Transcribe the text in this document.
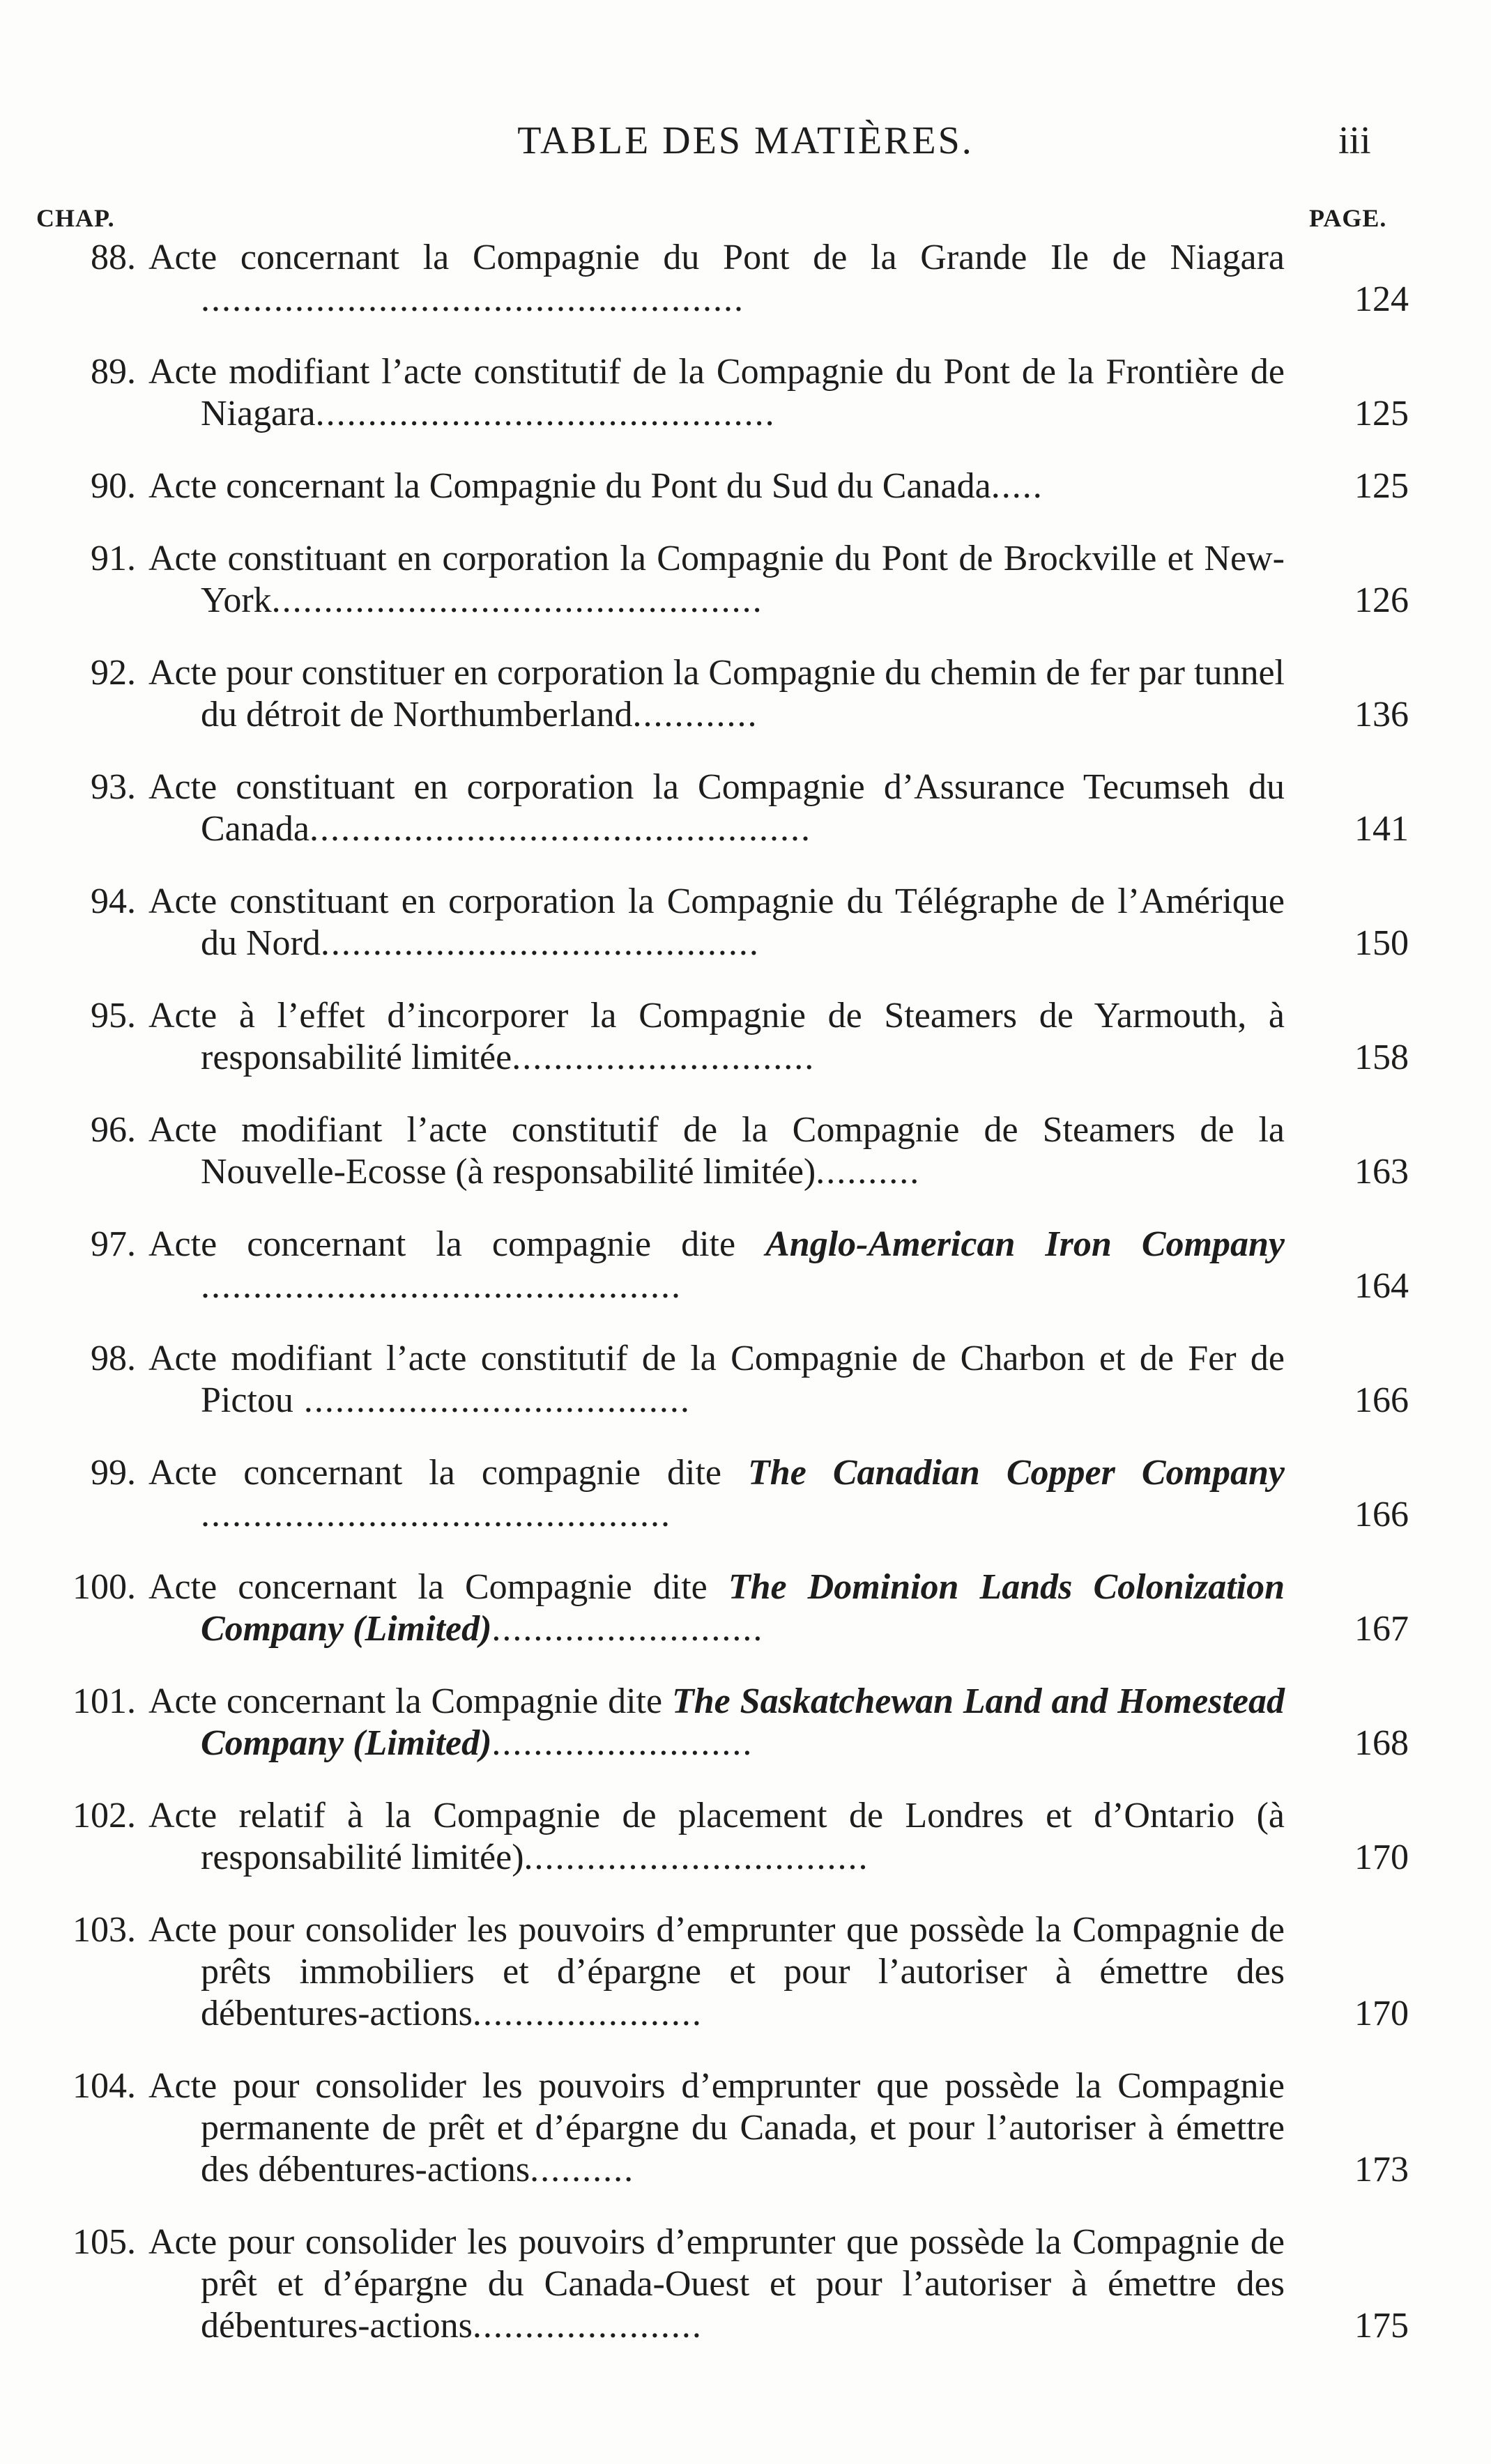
TABLE DES MATIÈRES.	iii
CHAP.	PAGE.
88. Acte concernant la Compagnie du Pont de la Grande Ile de Niagara ....................................................	124
89. Acte modifiant l’acte constitutif de la Compagnie du Pont de la Frontière de Niagara............................................	125
90. Acte concernant la Compagnie du Pont du Sud du Canada.....	125
91. Acte constituant en corporation la Compagnie du Pont de Brockville et New-York...............................................	126
92. Acte pour constituer en corporation la Compagnie du chemin de fer par tunnel du détroit de Northumberland............	136
93. Acte constituant en corporation la Compagnie d’Assurance Tecumseh du Canada................................................	141
94. Acte constituant en corporation la Compagnie du Télégraphe de l’Amérique du Nord..........................................	150
95. Acte à l’effet d’incorporer la Compagnie de Steamers de Yarmouth, à responsabilité limitée.............................	158
96. Acte modifiant l’acte constitutif de la Compagnie de Steamers de la Nouvelle-Ecosse (à responsabilité limitée)..........	163
97. Acte concernant la compagnie dite Anglo-American Iron Company ..............................................	164
98. Acte modifiant l’acte constitutif de la Compagnie de Charbon et de Fer de Pictou .....................................	166
99. Acte concernant la compagnie dite The Canadian Copper Company .............................................	166
100. Acte concernant la Compagnie dite The Dominion Lands Colonization Company (Limited)..........................	167
101. Acte concernant la Compagnie dite The Saskatchewan Land and Homestead Company (Limited).........................	168
102. Acte relatif à la Compagnie de placement de Londres et d’Ontario (à responsabilité limitée).................................	170
103. Acte pour consolider les pouvoirs d’emprunter que possède la Compagnie de prêts immobiliers et d’épargne et pour l’autoriser à émettre des débentures-actions......................	170
104. Acte pour consolider les pouvoirs d’emprunter que possède la Compagnie permanente de prêt et d’épargne du Canada, et pour l’autoriser à émettre des débentures-actions..........	173
105. Acte pour consolider les pouvoirs d’emprunter que possède la Compagnie de prêt et d’épargne du Canada-Ouest et pour l’autoriser à émettre des débentures-actions......................	175
